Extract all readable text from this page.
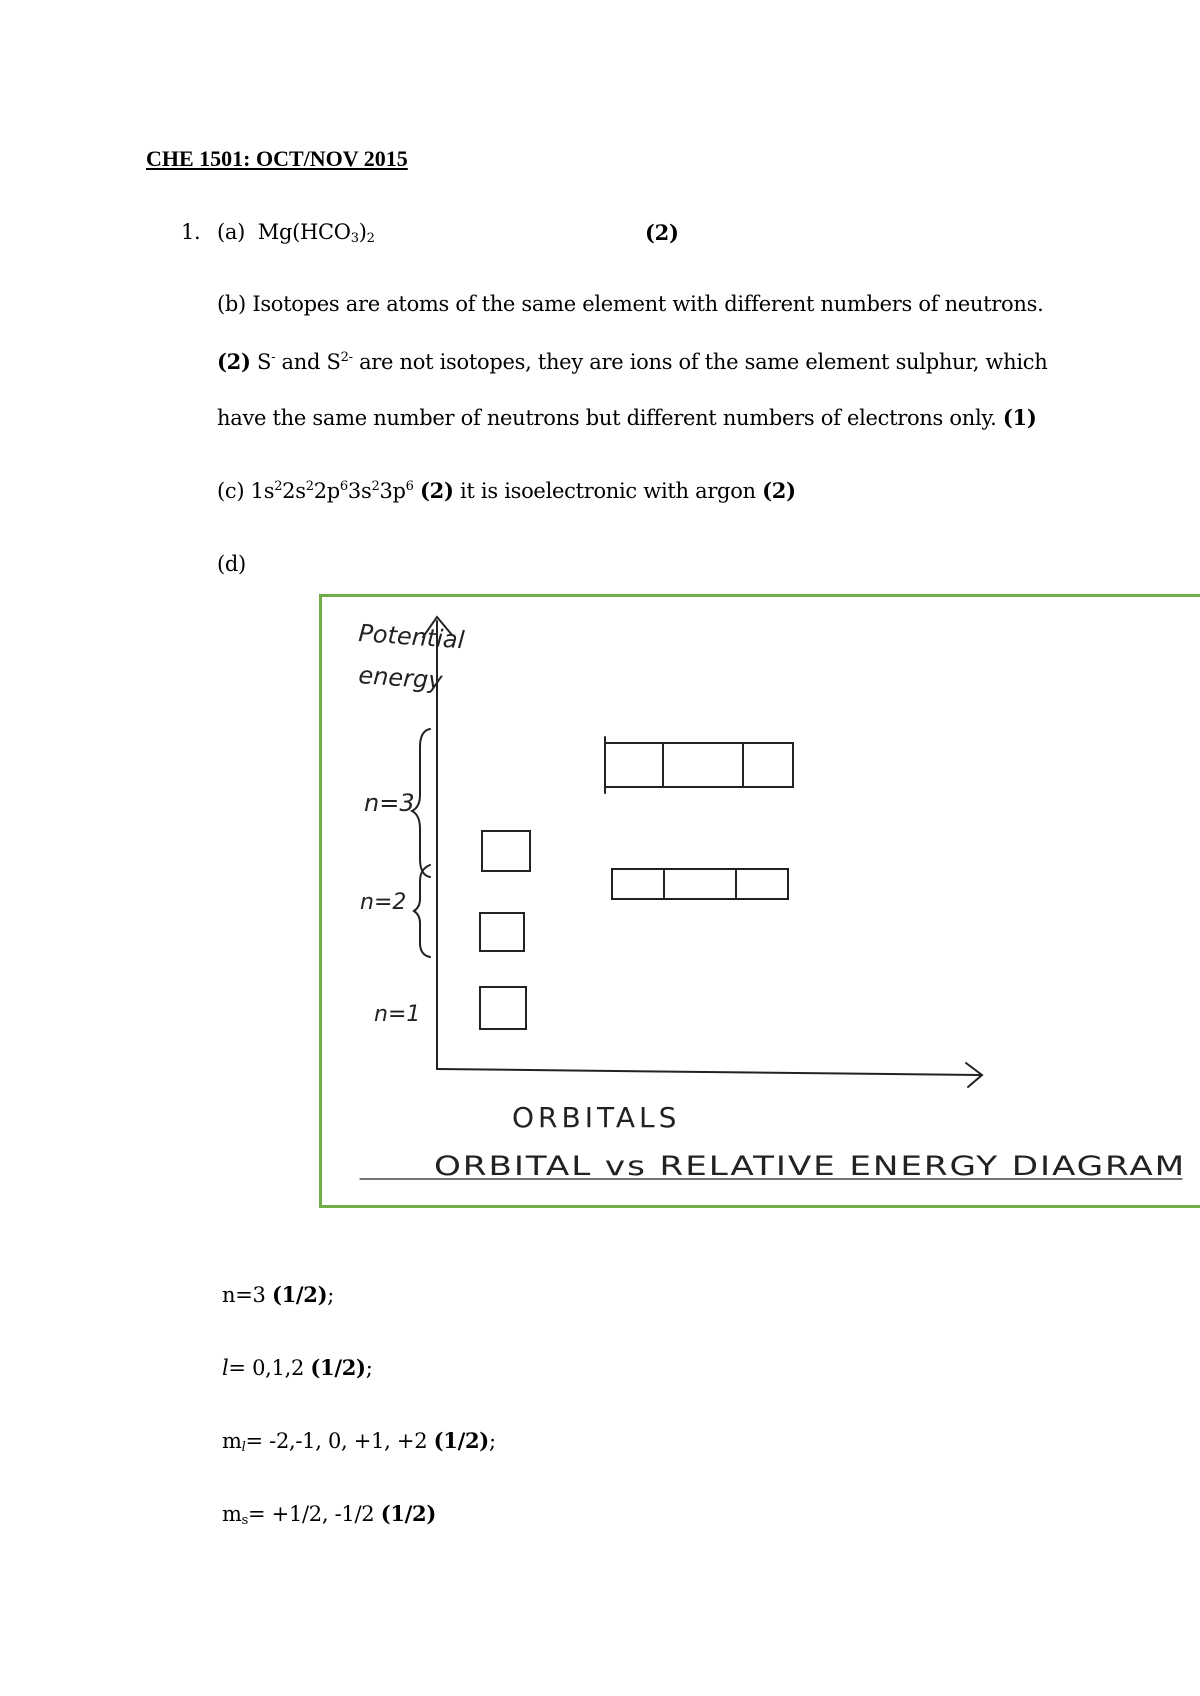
CHE 1501: OCT/NOV 2015
1. (a) $Mg(HCO_3)_2$	(2)
(b) Isotopes are atoms of the same element with different numbers of neutrons.
(2) S- and $S^{2-}$ are not isotopes, they are ions of the same element sulphur, which
have the same number of neutrons but different numbers of electrons only. (1)
(c) $1s^22s^22p^63s^23p^6$ (2) it is isoelectronic with argon (2)
(d)
Potential
energy
n=3
n=2
n=1
ORBITALS
ORBITAL vs RELATIVE ENERGY DIAGRAM
n=3 (1/2);
l= 0,1,2 (1/2);
$m_l= -2,-1$, 0, +1, +2 (1/2);
$m_s= +1/2$, -1/2 (1/2)
